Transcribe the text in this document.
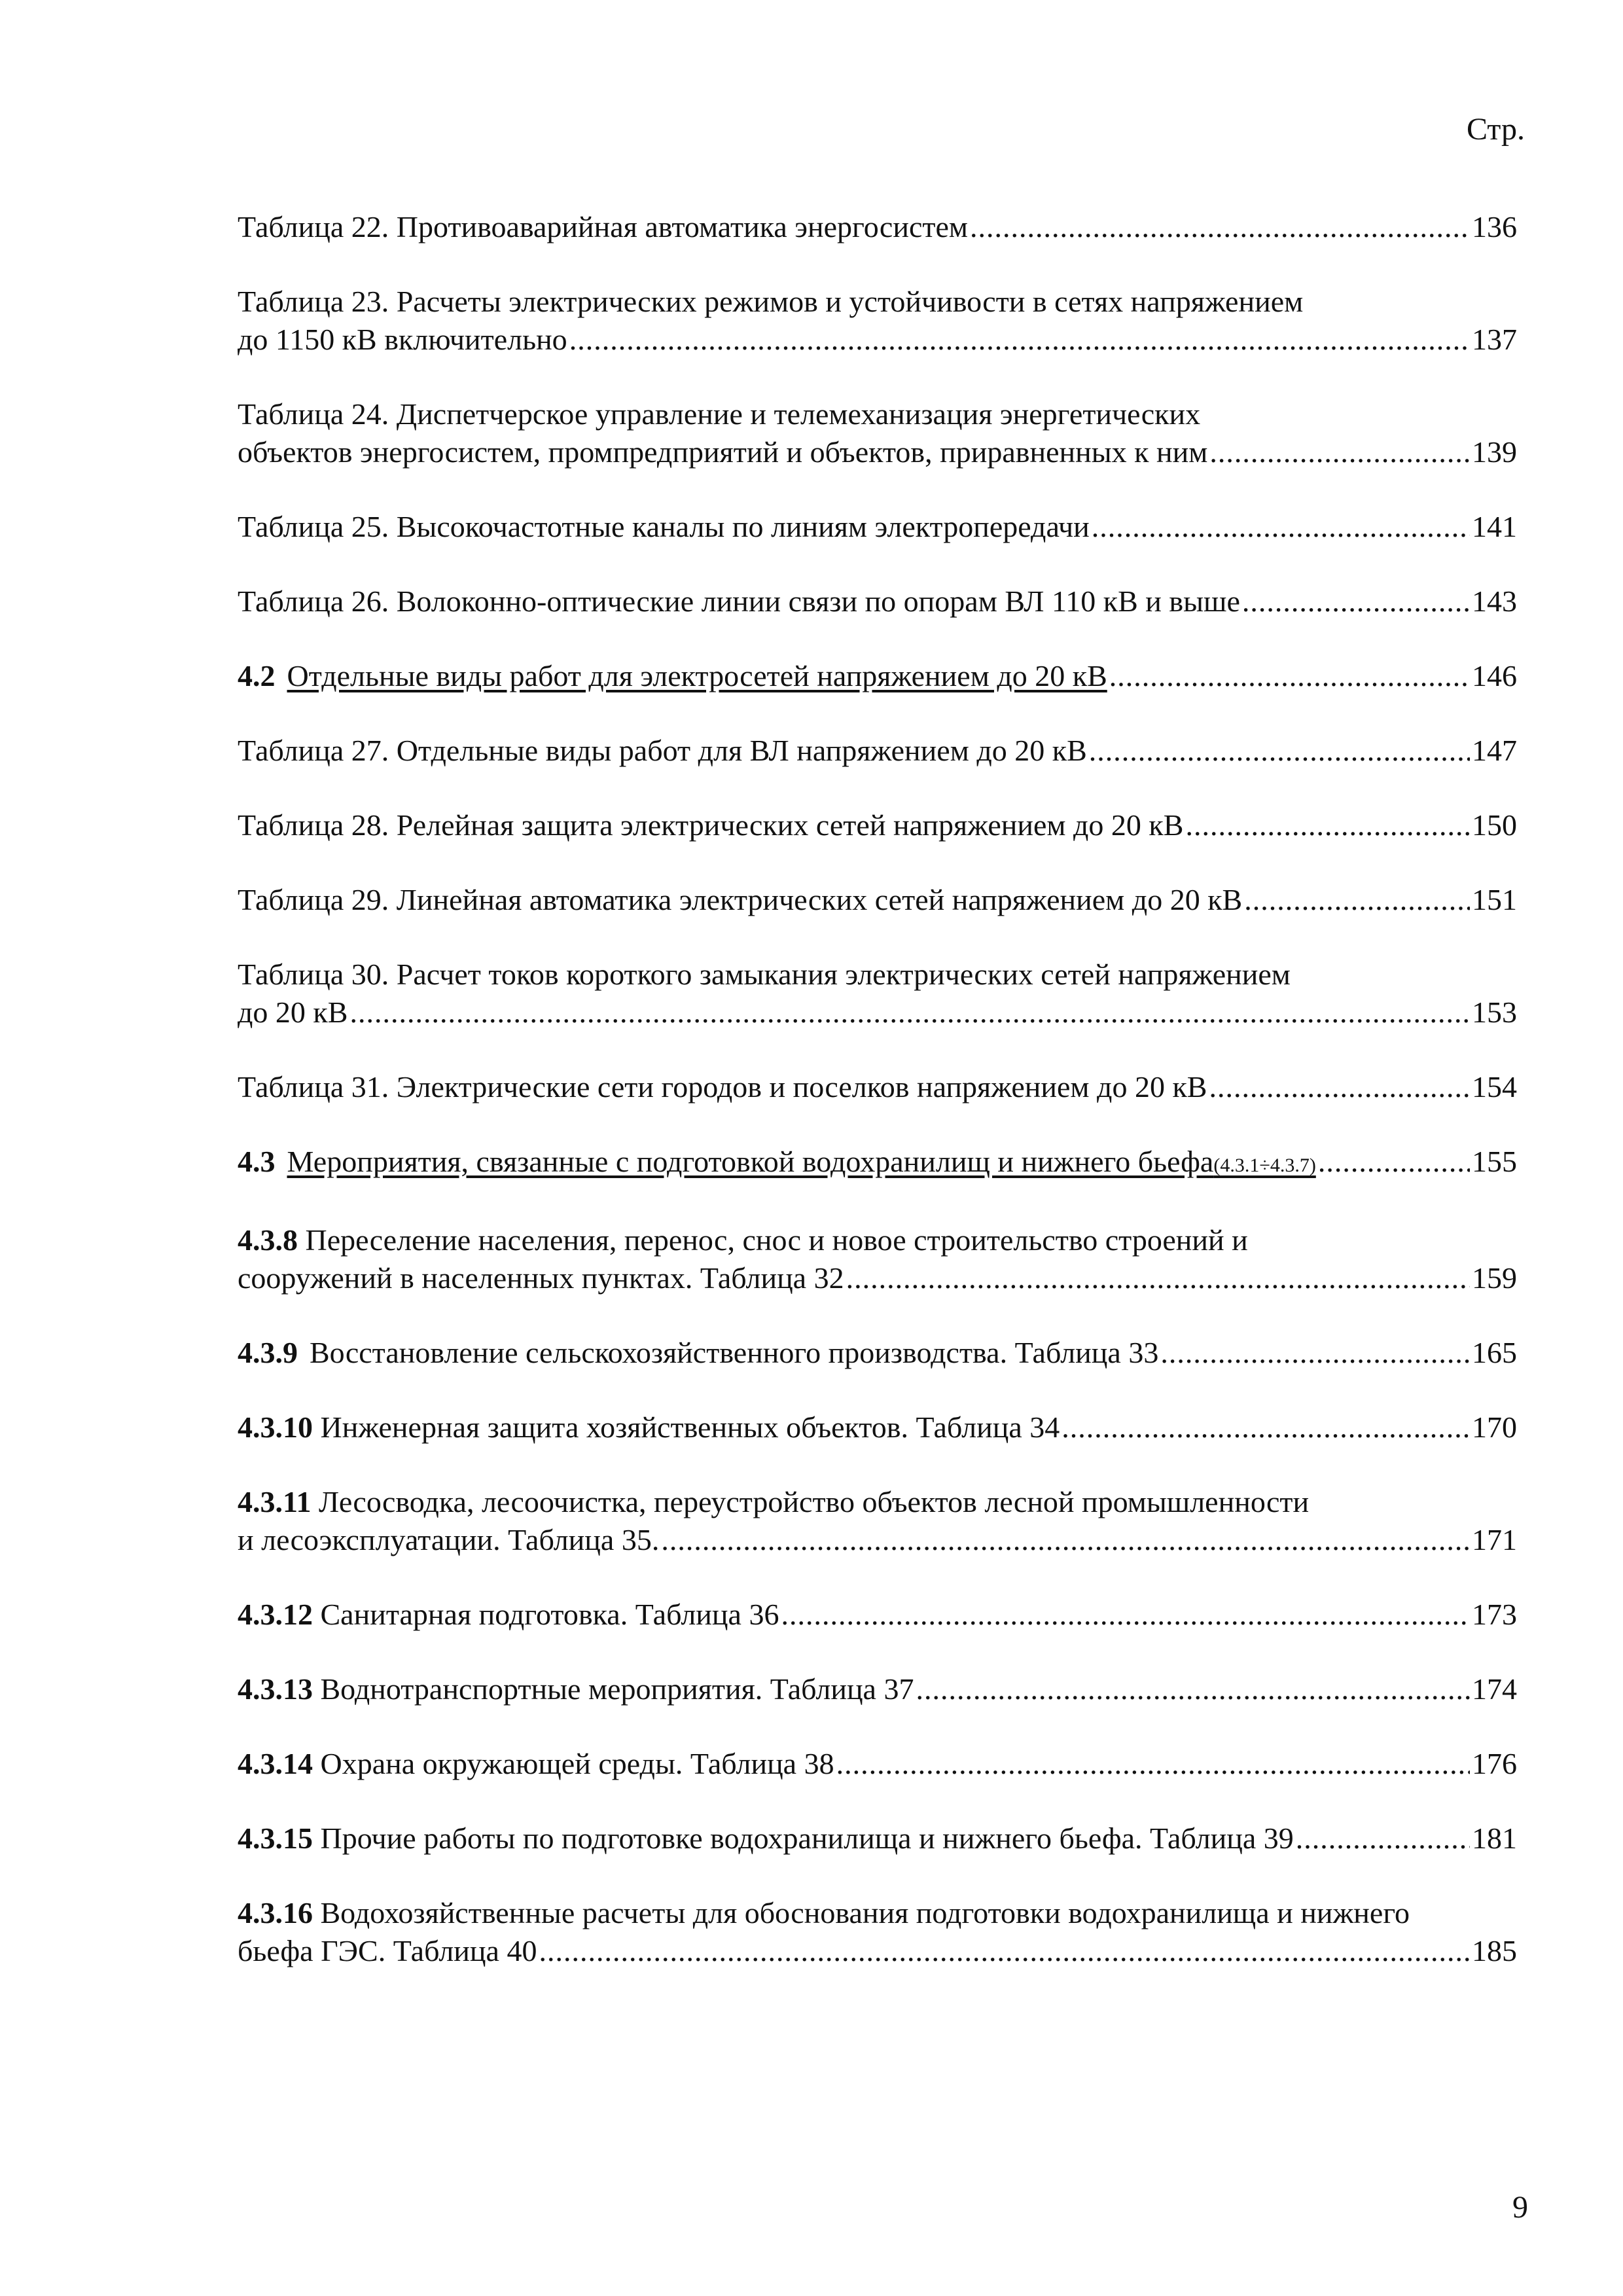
Стр.
Таблица 22. Противоаварийная автоматика энергосистем .....	136
Таблица 23. Расчеты электрических режимов и устойчивости в сетях напряжением
до 1150 кВ включительно .....	137
Таблица 24. Диспетчерское управление и телемеханизация энергетических
объектов энергосистем, промпредприятий и объектов, приравненных к ним .....	139
Таблица 25. Высокочастотные каналы по линиям электропередачи .....	141
Таблица 26. Волоконно-оптические линии связи по опорам ВЛ 110 кВ и выше .....	143
4.2 Отдельные виды работ для электросетей напряжением до 20 кВ .....	146
Таблица 27. Отдельные виды работ для ВЛ напряжением до 20 кВ .....	147
Таблица 28. Релейная защита электрических сетей напряжением до 20 кВ .....	150
Таблица 29. Линейная автоматика электрических сетей напряжением до 20 кВ .....	151
Таблица 30. Расчет токов короткого замыкания электрических сетей напряжением
до 20 кВ .....	153
Таблица 31. Электрические сети городов и поселков напряжением до 20 кВ .....	154
4.3 Мероприятия, связанные с подготовкой водохранилищ и нижнего бьефа(4.3.1÷4.3.7) .....	155
4.3.8 Переселение населения, перенос, снос и новое строительство строений и
сооружений в населенных пунктах. Таблица 32 .....	159
4.3.9 Восстановление сельскохозяйственного производства. Таблица 33 .....	165
4.3.10 Инженерная защита хозяйственных объектов. Таблица 34 .....	170
4.3.11 Лесосводка, лесоочистка, переустройство объектов лесной промышленности
и лесоэксплуатации. Таблица 35. .....	171
4.3.12 Санитарная подготовка. Таблица 36 .....	173
4.3.13 Воднотранспортные мероприятия. Таблица 37 .....	174
4.3.14 Охрана окружающей среды. Таблица 38 .....	176
4.3.15 Прочие работы по подготовке водохранилища и нижнего бьефа. Таблица 39 .....	181
4.3.16 Водохозяйственные расчеты для обоснования подготовки водохранилища и нижнего
бьефа ГЭС. Таблица 40 .....	185
9
